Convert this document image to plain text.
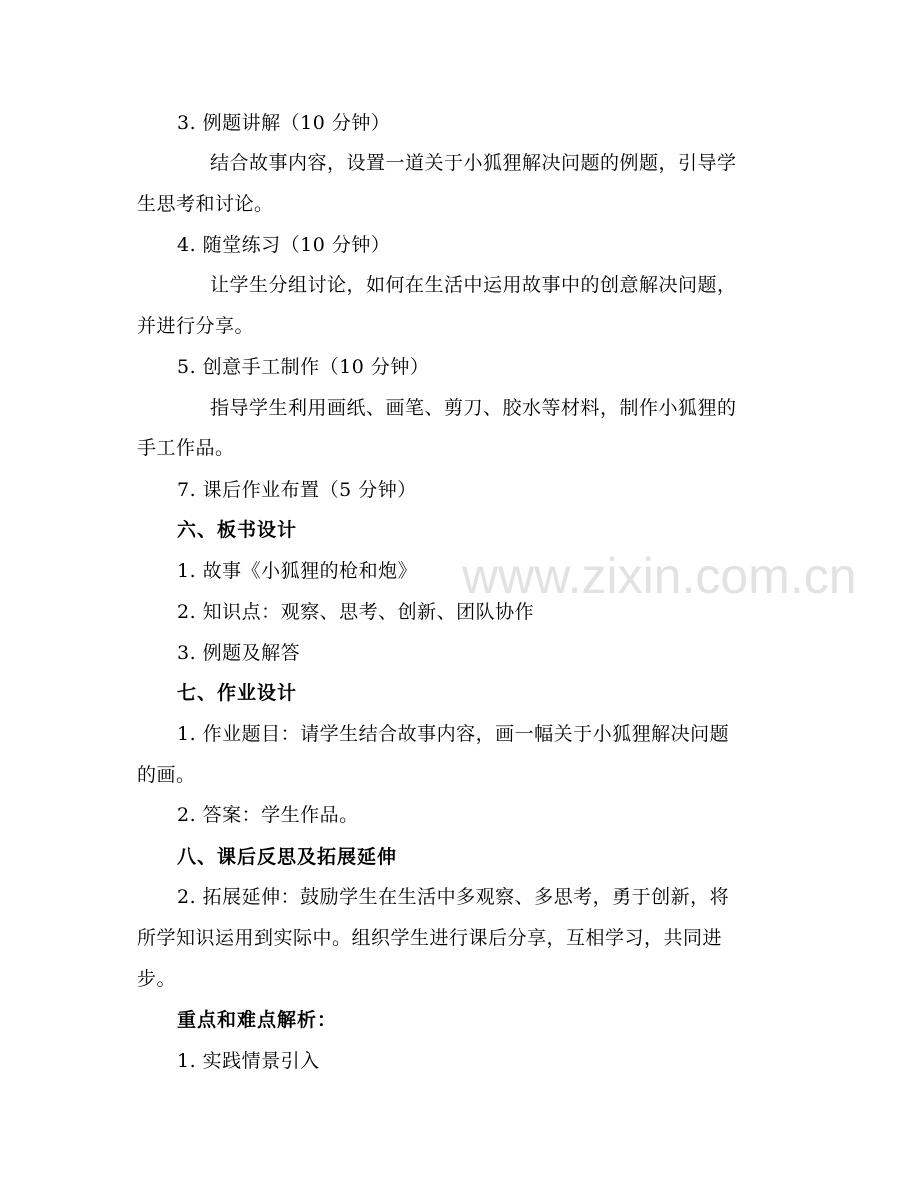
3. 例题讲解（10 分钟）
结合故事内容，设置一道关于小狐狸解决问题的例题，引导学
生思考和讨论。
4. 随堂练习（10 分钟）
让学生分组讨论，如何在生活中运用故事中的创意解决问题，
并进行分享。
5. 创意手工制作（10 分钟）
指导学生利用画纸、画笔、剪刀、胶水等材料，制作小狐狸的
手工作品。
7. 课后作业布置（5 分钟）
六、板书设计
1. 故事《小狐狸的枪和炮》
2. 知识点：观察、思考、创新、团队协作
3. 例题及解答
七、作业设计
1. 作业题目：请学生结合故事内容，画一幅关于小狐狸解决问题
的画。
2. 答案：学生作品。
八、课后反思及拓展延伸
2. 拓展延伸：鼓励学生在生活中多观察、多思考，勇于创新，将
所学知识运用到实际中。组织学生进行课后分享，互相学习，共同进
步。
重点和难点解析：
1. 实践情景引入
www.zixin.com.cn
